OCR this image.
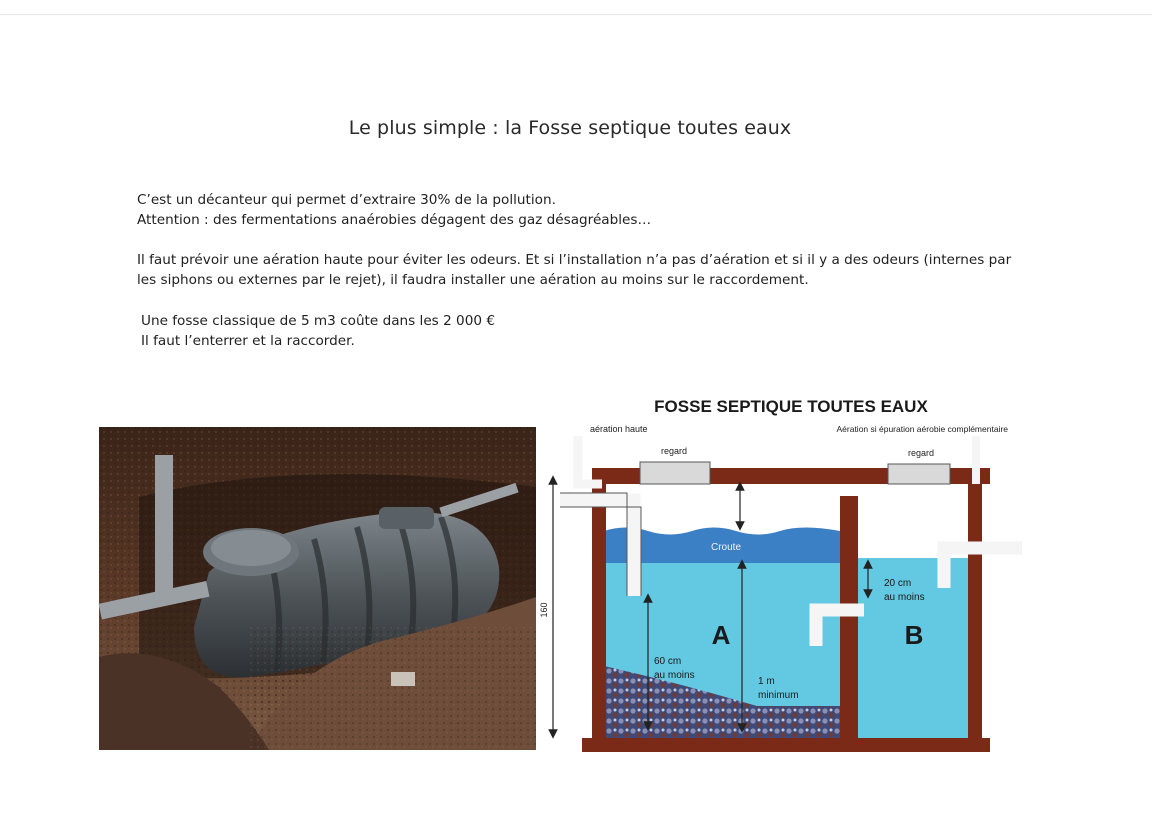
Le plus simple : la Fosse septique toutes eaux
C’est un décanteur qui permet d’extraire 30% de la pollution.
Attention : des fermentations anaérobies dégagent des gaz désagréables…
Il faut prévoir une aération haute pour éviter les odeurs. Et si l’installation n’a pas d’aération et si il y a des odeurs (internes par
les siphons ou externes par le rejet), il faudra installer une aération au moins sur le raccordement.
Une fosse classique de 5 m3 coûte dans les 2 000 €
Il faut l’enterrer et la raccorder.
FOSSE SEPTIQUE TOUTES EAUX
regard	regard
aération haute	Aération si épuration aérobie complémentaire
Croute
A	B
160
20 cm
au moins
60 cm
au moins
1 m
minimum
